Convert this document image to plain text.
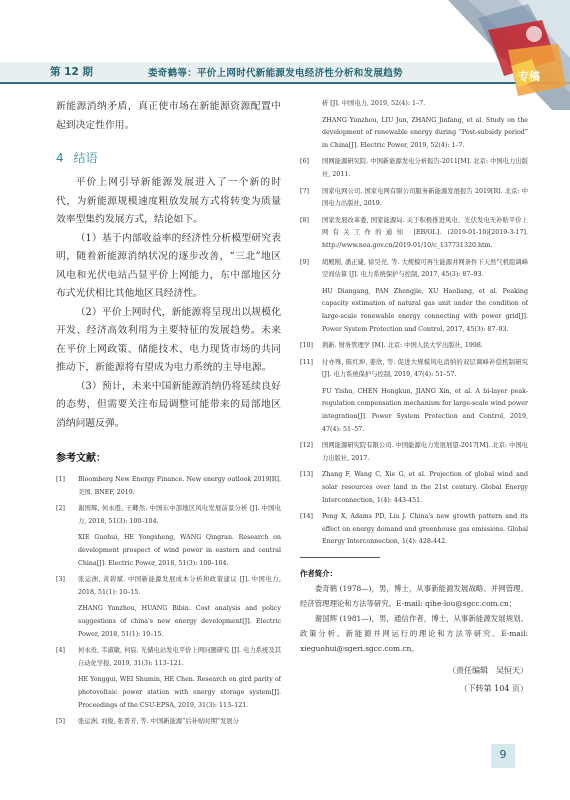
第 12 期	娄奇鹤等：平价上网时代新能源发电经济性分析和发展趋势	专稿

新能源消纳矛盾，真正使市场在新能源资源配置中起到决定性作用。

4 结语

平价上网引导新能源发展进入了一个新的时代，为新能源规模速度粗放发展方式将转变为质量效率型集约发展方式，结论如下。

（1）基于内部收益率的经济性分析模型研究表明，随着新能源消纳状况的逐步改善，“三北”地区风电和光伏电站凸显平价上网能力，东中部地区分布式光伏相比其他地区具经济性。

（2）平价上网时代，新能源将呈现出以规模化开发、经济高效利用为主要特征的发展趋势。未来在平价上网政策、储能技术、电力现货市场的共同推动下，新能源将有望成为电力系统的主导电源。

（3）预计，未来中国新能源消纳仍将延续良好的态势，但需要关注布局调整可能带来的局部地区消纳问题反弹。

参考文献：
[1]	Bloomberg New Energy Finance. New energy outlook 2019[R]. 美国. BNEF, 2019.
[2]	谢国辉, 何永胜, 王卿然. 中国东中部地区风电发展前景分析 [J]. 中国电力, 2018, 51(3): 100–104.
XIE Guohui, HE Yongsheng, WANG Qingran. Research on development prospect of wind power in eastern and central China[J]. Electric Power, 2018, 51(3): 100–104.
[3]	张运洲, 黄碧斌. 中国新能源发展成本分析和政策建议 [J]. 中国电力, 2018, 51(1): 10–15.
ZHANG Yunzhou, HUANG Bibin. Cost analysis and policy suggestions of china's new energy development[J]. Electric Power, 2018, 51(1): 10–15.
[4]	何永贵, 韦淑敏, 何宸. 光储电站发电平价上网问题研究 [J]. 电力系统及其自动化学报, 2019, 31(3): 113–121.
HE Yonggui, WEI Shumin, HE Chen. Research on gird parity of photovoltaic power station with energy storage system[J]. Proceedings of the CSU-EPSA, 2019, 31(3): 113–121.
[5]	张运洲, 刘俊, 张晋芳, 等. 中国新能源“后补贴时期”发展分
析 [J]. 中国电力, 2019, 52(4): 1–7.
ZHANG Yunzhou, LIU Jun, ZHANG Jinfang, et al. Study on the development of renewable energy during “Post-subsidy period” in China[J]. Electric Power, 2019, 52(4): 1–7.
[6]	国网能源研究院. 中国新能源发电分析报告-2011[M]. 北京: 中国电力出版社, 2011.
[7]	国家电网公司. 国家电网有限公司服务新能源发展报告 2019[R]. 北京: 中国电力出版社, 2019.
[8]	国家发展改革委, 国家能源局. 关于积极推进风电、光伏发电无补贴平价上网有关工作的通知 [EB/OL]. (2019-01-10)[2019-3-17]. http://www.nea.gov.cn/2019-01/10/c_137731320.htm.
[9]	胡殿刚, 潘正婕, 徐昊亮, 等. 大规模可再生能源并网条件下天然气机组调峰空间估算 [J]. 电力系统保护与控制, 2017, 45(3): 87–93.
HU Diangang, PAN Zhengjie, XU Haoliang, et al. Peaking capacity estimation of natural gas unit under the condition of large-scale renewable energy connecting with power grid[J]. Power System Protection and Control, 2017, 45(3): 87–93.
[10]	荆新. 财务管理学 [M]. 北京: 中国人民大学出版社, 1998.
[11]	付亦殊, 陈红坤, 姜欣, 等. 促进大规模风电消纳的双层调峰补偿机制研究 [J]. 电力系统保护与控制, 2019, 47(4): 51–57.
FU Yishu, CHEN Hongkun, JIANG Xin, et al. A bi-layer peak-regulation compensation mechanism for large-scale wind power integration[J]. Power System Protection and Control, 2019, 47(4): 51–57.
[12]	国网能源研究院有限公司. 中国能源电力发展展望-2017[M]. 北京: 中国电力出版社, 2017.
[13]	Zhang F, Wang C, Xie G, et al. Projection of global wind and solar resources over land in the 21st century. Global Energy Interconnection, 1(4): 443-451.
[14]	Peng X, Adams PD, Liu J. China's new growth pattern and its effect on energy demand and greenhouse gas emissions. Global Energy Interconnection, 1(4): 428-442.
作者简介：

娄奇鹤 (1978—)，男，博士，从事新能源发展战略、并网管理、经济管理理论和方法等研究。E-mail: qihe-lou@sgcc.com.cn；

谢国辉 (1981—)，男，通信作者，博士，从事新能源发展规划、政策分析、新能源并网运行的理论和方法等研究。E-mail: xieguohui@sgeri.sgcc.com.cn。

（责任编辑　吴恒天）
（下转第 104 页）
9
